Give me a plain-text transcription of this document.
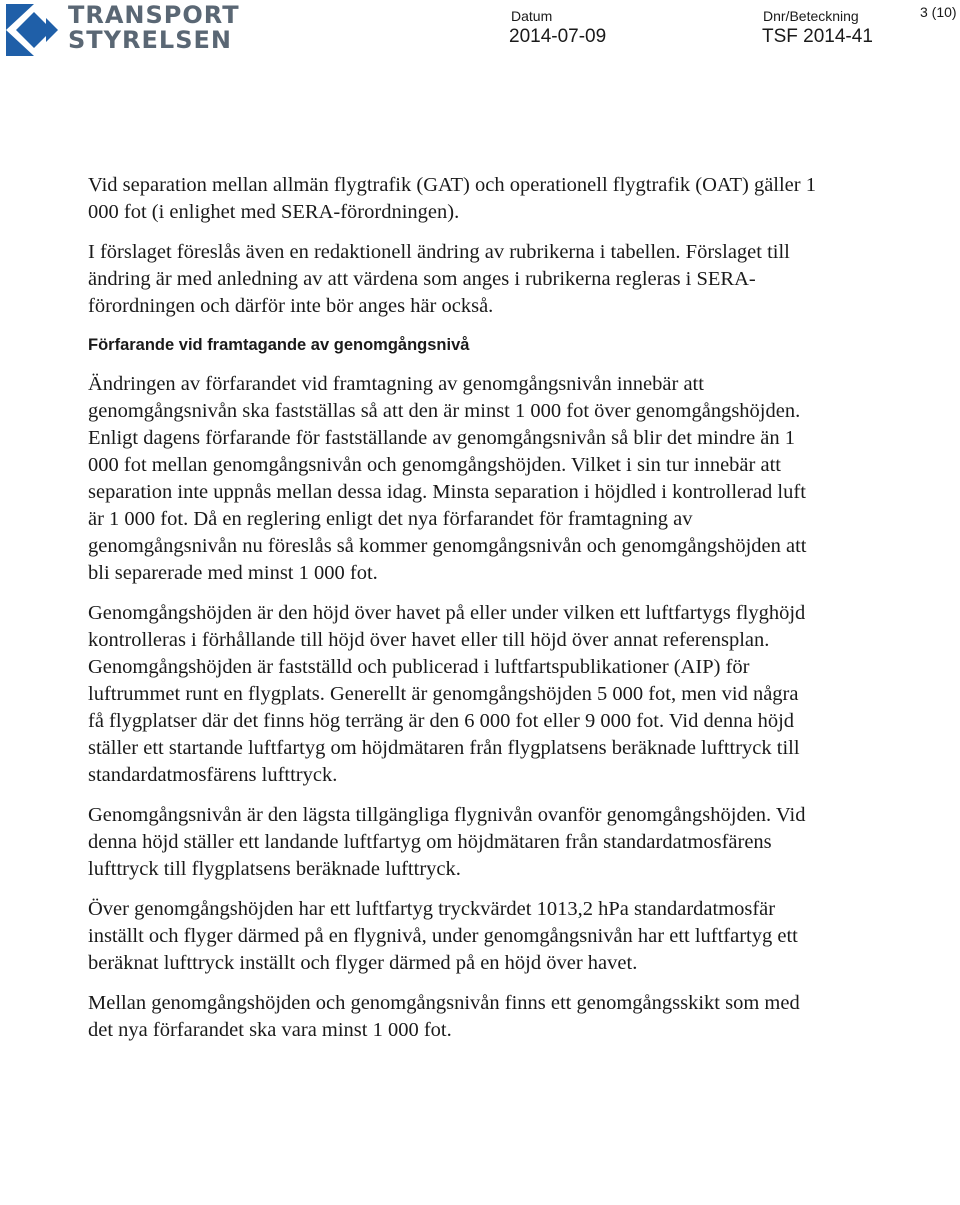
TRANSPORT
STYRELSEN
Datum
2014-07-09
Dnr/Beteckning
TSF 2014-41
3 (10)

Vid separation mellan allmän flygtrafik (GAT) och operationell flygtrafik (OAT) gäller 1 000 fot (i enlighet med SERA-förordningen).

I förslaget föreslås även en redaktionell ändring av rubrikerna i tabellen. Förslaget till ändring är med anledning av att värdena som anges i rubrikerna regleras i SERA-förordningen och därför inte bör anges här också.

Förfarande vid framtagande av genomgångsnivå

Ändringen av förfarandet vid framtagning av genomgångsnivån innebär att genomgångsnivån ska fastställas så att den är minst 1 000 fot över genomgångshöjden. Enligt dagens förfarande för fastställande av genomgångsnivån så blir det mindre än 1 000 fot mellan genomgångsnivån och genomgångshöjden. Vilket i sin tur innebär att separation inte uppnås mellan dessa idag. Minsta separation i höjdled i kontrollerad luft är 1 000 fot. Då en reglering enligt det nya förfarandet för framtagning av genomgångsnivån nu föreslås så kommer genomgångsnivån och genomgångshöjden att bli separerade med minst 1 000 fot.

Genomgångshöjden är den höjd över havet på eller under vilken ett luftfartygs flyghöjd kontrolleras i förhållande till höjd över havet eller till höjd över annat referensplan. Genomgångshöjden är fastställd och publicerad i luftfartspublikationer (AIP) för luftrummet runt en flygplats. Generellt är genomgångshöjden 5 000 fot, men vid några få flygplatser där det finns hög terräng är den 6 000 fot eller 9 000 fot. Vid denna höjd ställer ett startande luftfartyg om höjdmätaren från flygplatsens beräknade lufttryck till standardatmosfärens lufttryck.

Genomgångsnivån är den lägsta tillgängliga flygnivån ovanför genomgångshöjden. Vid denna höjd ställer ett landande luftfartyg om höjdmätaren från standardatmosfärens lufttryck till flygplatsens beräknade lufttryck.

Över genomgångshöjden har ett luftfartyg tryckvärdet 1013,2 hPa standardatmosfär inställt och flyger därmed på en flygnivå, under genomgångsnivån har ett luftfartyg ett beräknat lufttryck inställt och flyger därmed på en höjd över havet.

Mellan genomgångshöjden och genomgångsnivån finns ett genomgångsskikt som med det nya förfarandet ska vara minst 1 000 fot.
